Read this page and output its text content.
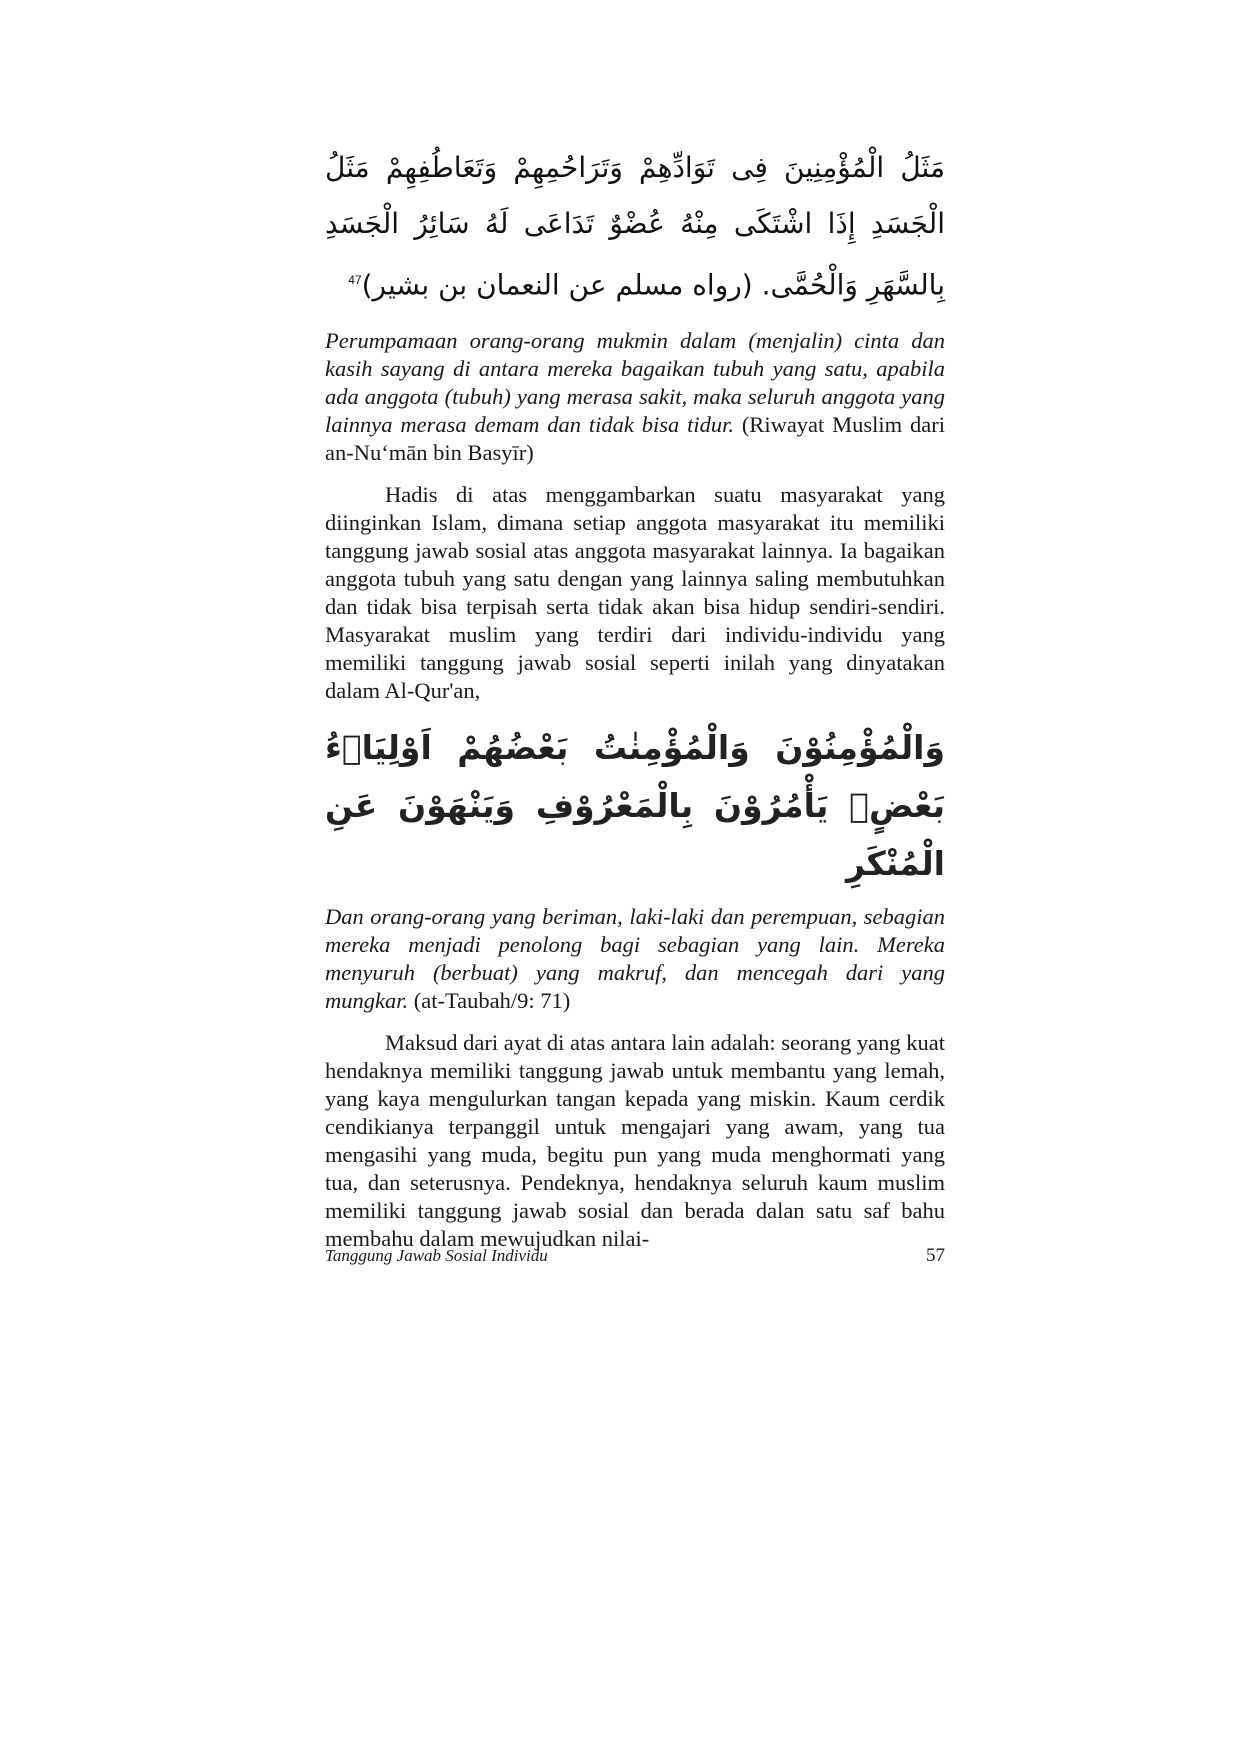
مَثَلُ الْمُؤْمِنِينَ فِى تَوَادِّهِمْ وَتَرَاحُمِهِمْ وَتَعَاطُفِهِمْ مَثَلُ الْجَسَدِ إِذَا اشْتَكَى مِنْهُ عُضْوٌ تَدَاعَى لَهُ سَائِرُ الْجَسَدِ بِالسَّهَرِ وَالْحُمَّى. (رواه مسلم عن النعمان بن بشير)$^{47}$

Perumpamaan orang-orang mukmin dalam (menjalin) cinta dan kasih sayang di antara mereka bagaikan tubuh yang satu, apabila ada anggota (tubuh) yang merasa sakit, maka seluruh anggota yang lainnya merasa demam dan tidak bisa tidur. (Riwayat Muslim dari an-Nu‘mān bin Basyīr)

Hadis di atas menggambarkan suatu masyarakat yang diinginkan Islam, dimana setiap anggota masyarakat itu memiliki tanggung jawab sosial atas anggota masyarakat lainnya. Ia bagaikan anggota tubuh yang satu dengan yang lainnya saling membutuhkan dan tidak bisa terpisah serta tidak akan bisa hidup sendiri-sendiri. Masyarakat muslim yang terdiri dari individu-individu yang memiliki tanggung jawab sosial seperti inilah yang dinyatakan dalam Al-Qur'an,

وَالْمُؤْمِنُوْنَ وَالْمُؤْمِنٰتُ بَعْضُهُمْ اَوْلِيَاۤءُ بَعْضٍۘ يَأْمُرُوْنَ بِالْمَعْرُوْفِ وَيَنْهَوْنَ عَنِ الْمُنْكَرِ

Dan orang-orang yang beriman, laki-laki dan perempuan, sebagian mereka menjadi penolong bagi sebagian yang lain. Mereka menyuruh (berbuat) yang makruf, dan mencegah dari yang mungkar. (at-Taubah/9: 71)

Maksud dari ayat di atas antara lain adalah: seorang yang kuat hendaknya memiliki tanggung jawab untuk membantu yang lemah, yang kaya mengulurkan tangan kepada yang miskin. Kaum cerdik cendikianya terpanggil untuk mengajari yang awam, yang tua mengasihi yang muda, begitu pun yang muda menghormati yang tua, dan seterusnya. Pendeknya, hendaknya seluruh kaum muslim memiliki tanggung jawab sosial dan berada dalan satu saf bahu membahu dalam mewujudkan nilai-

Tanggung Jawab Sosial Individu	57
